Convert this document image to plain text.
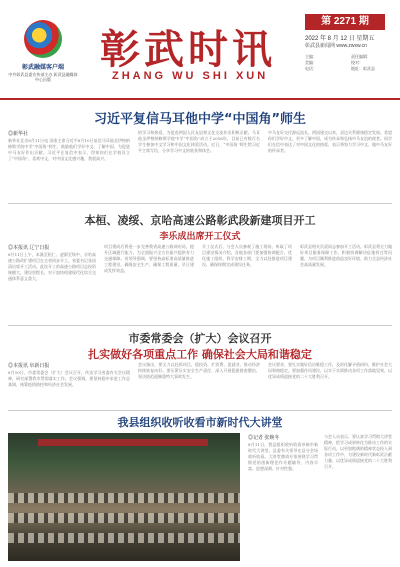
彰武融媒客户端
中共彰武县委宣传部主办 彰武县融媒体中心出版
彰武时讯
ZHANG WU SHI XUN
第 2271 期
2022 年 8 月 12 日 星期五
彰武县新闻网 www.zwxw.cn
主编：	责任编辑：
美编：	校对：
电话：	地址：彰武县
习近平复信马耳他中学“中国角”师生
◎新华社
新华社北京8月11日电 国家主席习近平8月10日复信马耳他圣伊格纳修斯学院中学“中国角”师生，鼓励他们学好中文、了解中国，为促进中马友好作出贡献。习近平在复信中表示，得知你们在学校设立了“中国角”，喜欢中文，对中国文化感兴趣，我很高兴。
的学习和热爱，为促进两国人民友谊和文化交流作出积极贡献。马耳他圣伊格纳修斯学院中学“中国角”成立于2016年，目前已有数百名学生参加中文学习和中国文化体验活动。近日，“中国角”师生给习近平主席写信，分享学习中文的收获和体会。
中马友好交往源远流长，两国建交以来，双边关系健康稳定发展。希望你们学好中文，更多了解中国，成为传承和弘扬中马友谊的使者。同学们在信中表达了对中国文化的热爱，表示将努力学习中文，做中马友好的传承者。
本桓、凌绥、京哈高速公路彰武段新建项目开工
李乐成出席开工仪式
◎本报讯 辽宁日报
8月11日上午，本溪至桓仁、凌源至绥中、京哈高速公路改扩建项目在全省同步开工。省委书记张国清出席开工活动。此次开工的高速公路项目总投资规模大，建设里程长，对于加快构建现代化综合交通体系意义重大。
项目建成后将进一步完善我省高速公路网布局，提升区域通行能力，为全面振兴全方位振兴提供有力交通保障。省领导强调，要坚持高标准高质量推进工程建设，确保安全生产，确保工程质量，早日建成发挥效益。
开工仪式后，与会人员参观了施工现场，听取了项目建设情况介绍。各地各部门要加强协调配合，优化施工组织，科学安排工期，全力以赴推进项目建设，确保按期完成建设任务。
彰武县相关负责同志参加开工活动。彰武县将全力做好项目服务保障工作，积极协调解决征地拆迁等问题，为项目顺利推进创造良好环境，助力全县经济社会高质量发展。
市委常委会（扩大）会议召开
扎实做好各项重点工作 确保社会大局和谐稳定
◎本报讯 阜新日报
8月10日，市委常委会（扩大）会议召开，传达学习省委有关会议精神，研究部署我市贯彻落实工作。会议强调，要坚持稳中求进工作总基调，统筹疫情防控和经济社会发展。
会议指出，要全力以赴抓项目、稳投资、扩消费、促就业，推动经济持续恢复向好。要压紧压实安全生产责任，深入开展隐患排查整治，坚决防范遏制重特大事故发生。
会议要求，要扎实做好信访维稳工作，及时化解矛盾纠纷，维护社会大局和谐稳定。要加强作风建设，以实干实绩推动各项工作落地见效，以优异成绩迎接党的二十大胜利召开。
我县组织收听收看市新时代大讲堂
◎记者 张婉冬
8月11日，我县组织收听收看阜新市新时代大讲堂。县委有关领导在县分会场收听收看。大讲堂邀请专家围绕学习贯彻党的创新理论作专题辅导，内容丰富、思想深刻、针对性强。
与会人员表示，要认真学习贯彻大讲堂精神，把学习成果转化为推动工作的实际行动，以更加饱满的精神状态投入到各项工作中，为建设新时代新彰武贡献力量，以优异成绩迎接党的二十大胜利召开。
